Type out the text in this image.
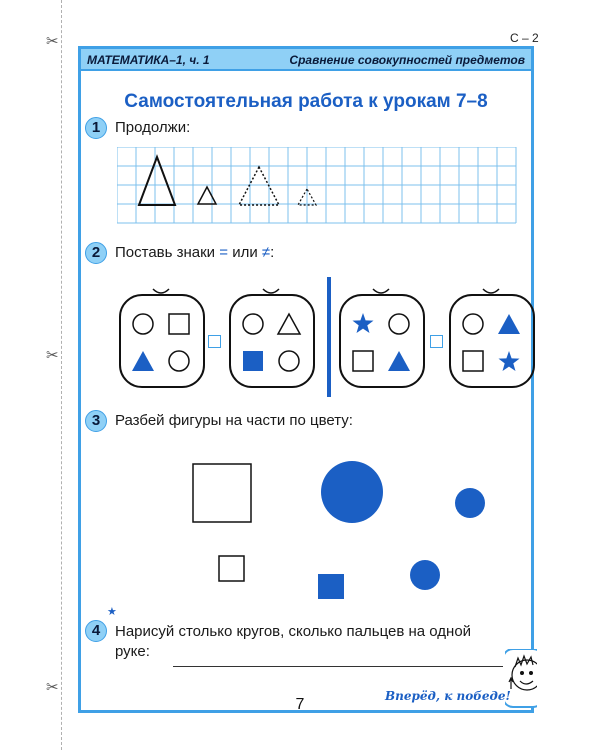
✂
✂
✂
С – 2
МАТЕМАТИКА–1, ч. 1	Сравнение совокупностей предметов
Самостоятельная работа к урокам 7–8
1 Продолжи:
2 Поставь знаки = или ≠:
3 Разбей фигуры на части по цвету:
★
4 Нарисуй столько кругов, сколько пальцев на одной
руке:
Вперёд, к победе!
7
